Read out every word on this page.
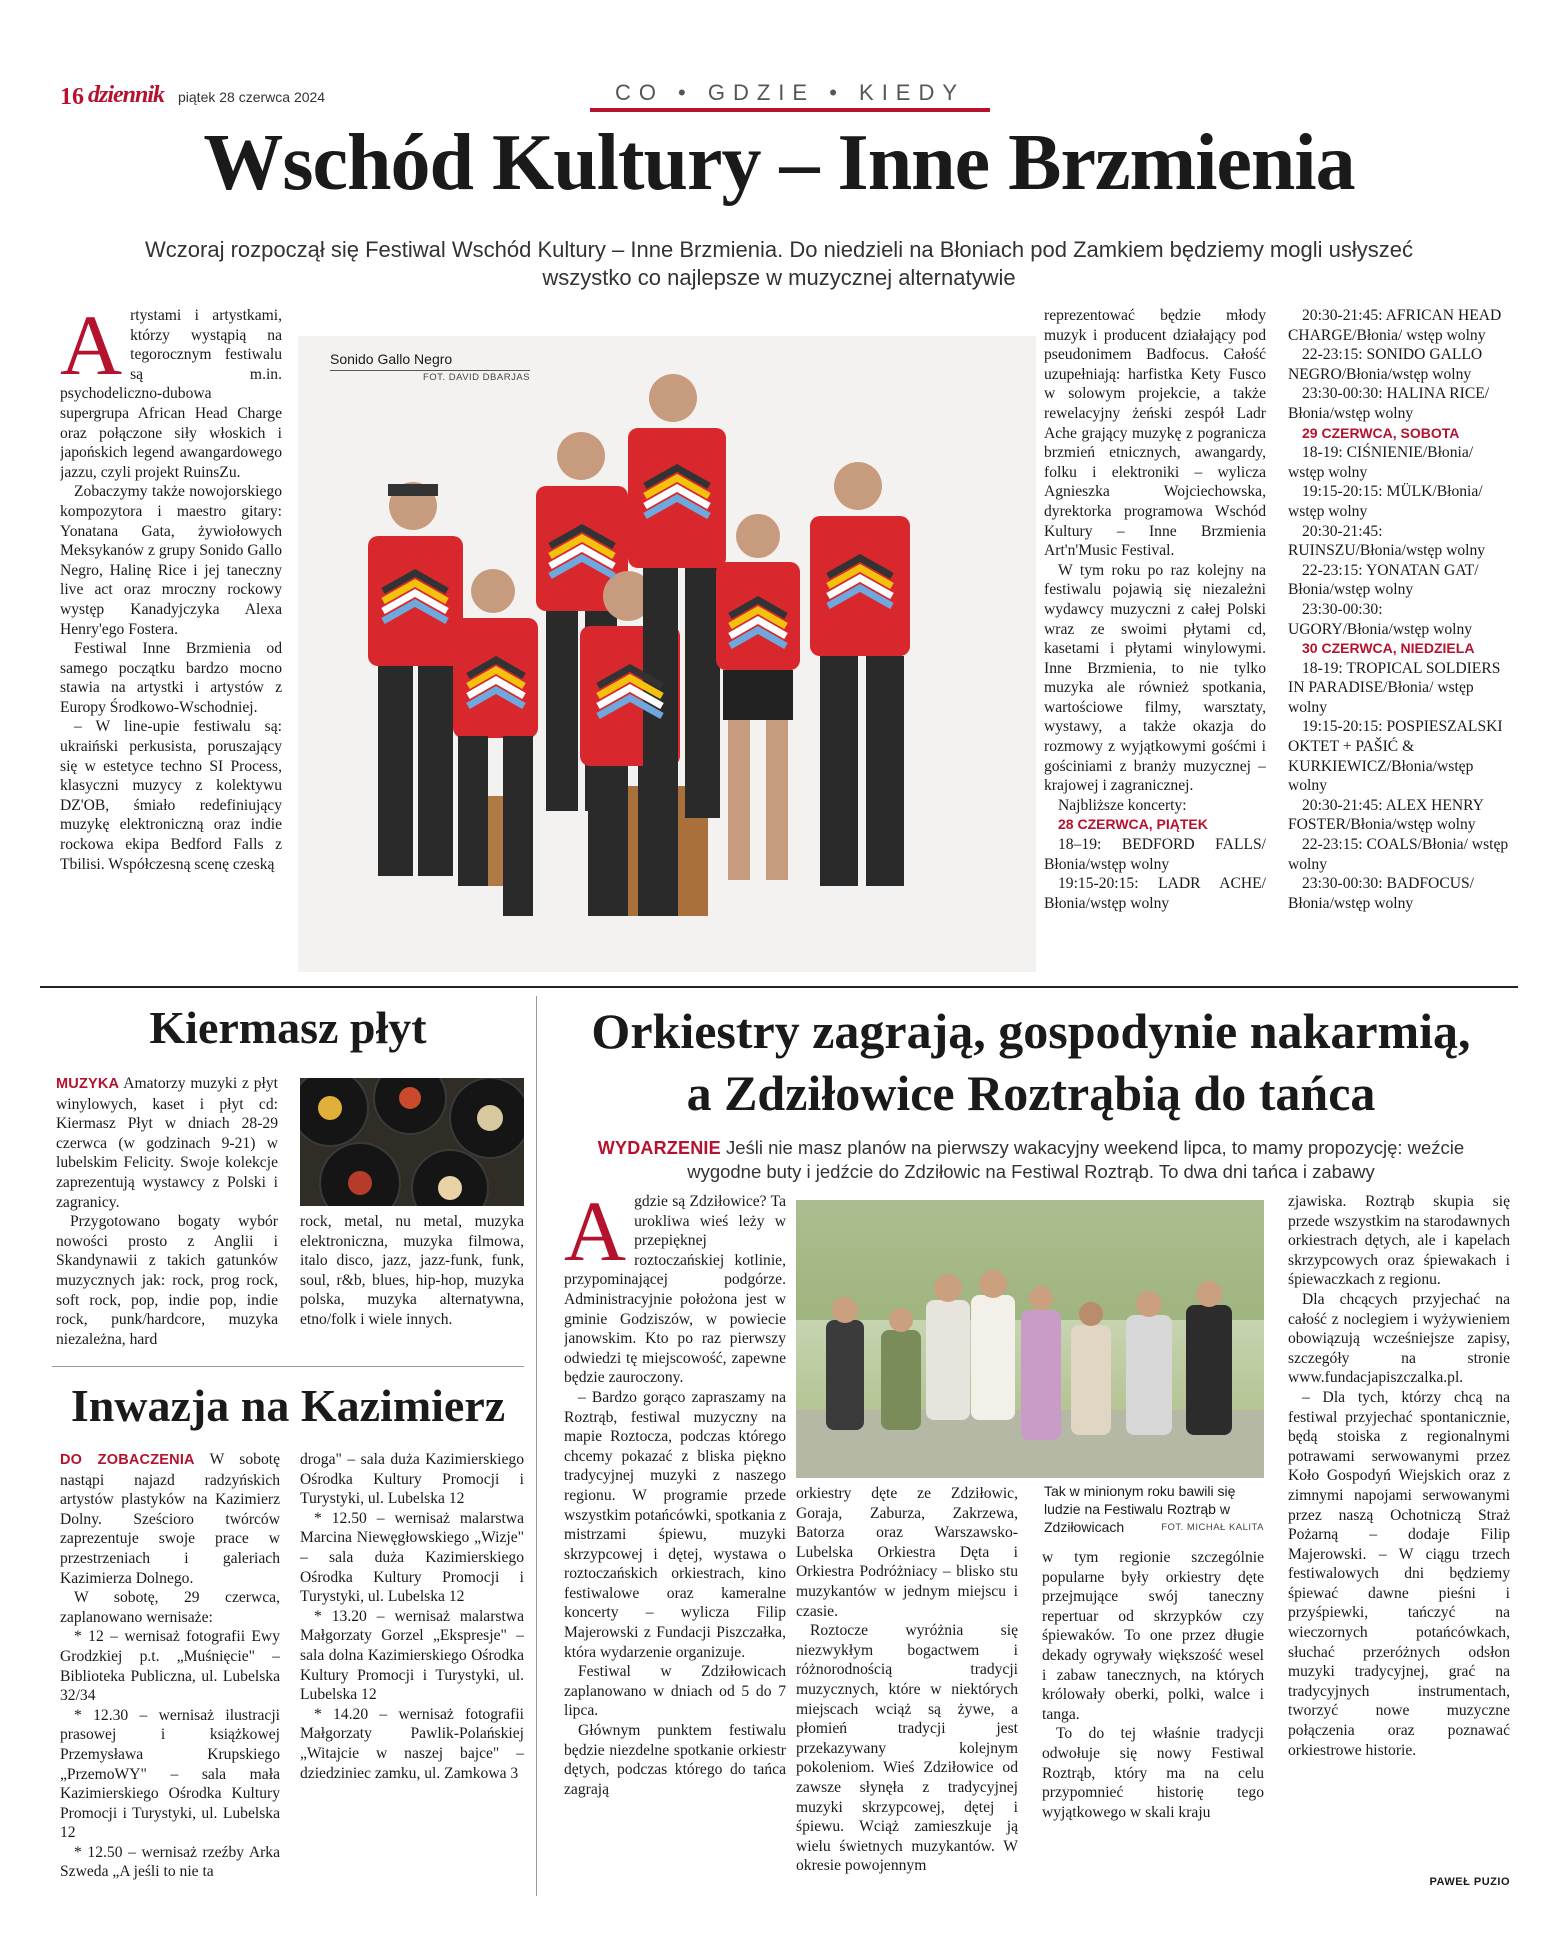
16 dziennik piątek 28 czerwca 2024	CO • GDZIE • KIEDY
Wschód Kultury – Inne Brzmienia
Wczoraj rozpoczął się Festiwal Wschód Kultury – Inne Brzmienia. Do niedzieli na Błoniach pod Zamkiem będziemy mogli usłyszeć wszystko co najlepsze w muzycznej alternatywie

Artystami i artystkami, którzy wystąpią na tegorocznym festiwalu są m.in. psychodeliczno-dubowa supergrupa African Head Charge oraz połączone siły włoskich i japońskich legend awangardowego jazzu, czyli projekt RuinsZu.

Zobaczymy także nowojorskiego kompozytora i maestro gitary: Yonatana Gata, żywiołowych Meksykanów z grupy Sonido Gallo Negro, Halinę Rice i jej taneczny live act oraz mroczny rockowy występ Kanadyjczyka Alexa Henry'ego Fostera.

Festiwal Inne Brzmienia od samego początku bardzo mocno stawia na artystki i artystów z Europy Środkowo-Wschodniej.

– W line-upie festiwalu są: ukraiński perkusista, poruszający się w estetyce techno SI Process, klasyczni muzycy z kolektywu DZ'OB, śmiało redefiniujący muzykę elektroniczną oraz indie rockowa ekipa Bedford Falls z Tbilisi. Współczesną scenę czeską

Sonido Gallo Negro
FOT. DAVID DBARJAS

reprezentować będzie młody muzyk i producent działający pod pseudonimem Badfocus. Całość uzupełniają: harfistka Kety Fusco w solowym projekcie, a także rewelacyjny żeński zespół Ladr Ache grający muzykę z pogranicza brzmień etnicznych, awangardy, folku i elektroniki – wylicza Agnieszka Wojciechowska, dyrektorka programowa Wschód Kultury – Inne Brzmienia Art'n'Music Festival.

W tym roku po raz kolejny na festiwalu pojawią się niezależni wydawcy muzyczni z całej Polski wraz ze swoimi płytami cd, kasetami i płytami winylowymi. Inne Brzmienia, to nie tylko muzyka ale również spotkania, wartościowe filmy, warsztaty, wystawy, a także okazja do rozmowy z wyjątkowymi gośćmi i gościniami z branży muzycznej – krajowej i zagranicznej.

Najbliższe koncerty:

28 CZERWCA, PIĄTEK

18–19: BEDFORD FALLS/ Błonia/wstęp wolny

19:15-20:15: LADR ACHE/ Błonia/wstęp wolny

20:30-21:45: AFRICAN HEAD CHARGE/Błonia/ wstęp wolny

22-23:15: SONIDO GALLO NEGRO/Błonia/wstęp wolny

23:30-00:30: HALINA RICE/ Błonia/wstęp wolny

29 CZERWCA, SOBOTA

18-19: CIŚNIENIE/Błonia/ wstęp wolny

19:15-20:15: MÜLK/Błonia/ wstęp wolny

20:30-21:45: RUINSZU/Błonia/wstęp wolny

22-23:15: YONATAN GAT/ Błonia/wstęp wolny

23:30-00:30: UGORY/Błonia/wstęp wolny

30 CZERWCA, NIEDZIELA

18-19: TROPICAL SOLDIERS IN PARADISE/Błonia/ wstęp wolny

19:15-20:15: POSPIESZALSKI OKTET + PAŠIĆ & KURKIEWICZ/Błonia/wstęp wolny

20:30-21:45: ALEX HENRY FOSTER/Błonia/wstęp wolny

22-23:15: COALS/Błonia/ wstęp wolny

23:30-00:30: BADFOCUS/ Błonia/wstęp wolny

Kiermasz płyt

MUZYKA Amatorzy muzyki z płyt winylowych, kaset i płyt cd: Kiermasz Płyt w dniach 28-29 czerwca (w godzinach 9-21) w lubelskim Felicity. Swoje kolekcje zaprezentują wystawcy z Polski i zagranicy.

Przygotowano bogaty wybór nowości prosto z Anglii i Skandynawii z takich gatunków muzycznych jak: rock, prog rock, soft rock, pop, indie pop, indie rock, punk/hardcore, muzyka niezależna, hard

rock, metal, nu metal, muzyka elektroniczna, muzyka filmowa, italo disco, jazz, jazz-funk, funk, soul, r&b, blues, hip-hop, muzyka polska, muzyka alternatywna, etno/folk i wiele innych.

Inwazja na Kazimierz

DO ZOBACZENIA W sobotę nastąpi najazd radzyńskich artystów plastyków na Kazimierz Dolny. Sześcioro twórców zaprezentuje swoje prace w przestrzeniach i galeriach Kazimierza Dolnego.

W sobotę, 29 czerwca, zaplanowano wernisaże:

* 12 – wernisaż fotografii Ewy Grodzkiej p.t. „Muśnięcie" – Biblioteka Publiczna, ul. Lubelska 32/34

* 12.30 – wernisaż ilustracji prasowej i książkowej Przemysława Krupskiego „PrzemoWY" – sala mała Kazimierskiego Ośrodka Kultury Promocji i Turystyki, ul. Lubelska 12

* 12.50 – wernisaż rzeźby Arka Szweda „A jeśli to nie ta

droga" – sala duża Kazimierskiego Ośrodka Kultury Promocji i Turystyki, ul. Lubelska 12

* 12.50 – wernisaż malarstwa Marcina Niewęgłowskiego „Wizje" – sala duża Kazimierskiego Ośrodka Kultury Promocji i Turystyki, ul. Lubelska 12

* 13.20 – wernisaż malarstwa Małgorzaty Gorzel „Ekspresje" – sala dolna Kazimierskiego Ośrodka Kultury Promocji i Turystyki, ul. Lubelska 12

* 14.20 – wernisaż fotografii Małgorzaty Pawlik-Polańskiej „Witajcie w naszej bajce" – dziedziniec zamku, ul. Zamkowa 3

Orkiestry zagrają, gospodynie nakarmią,
a Zdziłowice Roztrąbią do tańca
WYDARZENIE Jeśli nie masz planów na pierwszy wakacyjny weekend lipca, to mamy propozycję: weźcie wygodne buty i jedźcie do Zdziłowic na Festiwal Roztrąb. To dwa dni tańca i zabawy

Agdzie są Zdziłowice? Ta urokliwa wieś leży w przepięknej roztoczańskiej kotlinie, przypominającej podgórze. Administracyjnie położona jest w gminie Godziszów, w powiecie janowskim. Kto po raz pierwszy odwiedzi tę miejscowość, zapewne będzie zauroczony.

– Bardzo gorąco zapraszamy na Roztrąb, festiwal muzyczny na mapie Roztocza, podczas którego chcemy pokazać z bliska piękno tradycyjnej muzyki z naszego regionu. W programie przede wszystkim potańcówki, spotkania z mistrzami śpiewu, muzyki skrzypcowej i dętej, wystawa o roztoczańskich orkiestrach, kino festiwalowe oraz kameralne koncerty – wylicza Filip Majerowski z Fundacji Piszczałka, która wydarzenie organizuje.

Festiwal w Zdziłowicach zaplanowano w dniach od 5 do 7 lipca.

Głównym punktem festiwalu będzie niezdelne spotkanie orkiestr dętych, podczas którego do tańca zagrają

Tak w minionym roku bawili się ludzie na Festiwalu Roztrąb w Zdziłowicach	FOT. MICHAŁ KALITA

orkiestry dęte ze Zdziłowic, Goraja, Zaburza, Zakrzewa, Batorza oraz Warszawsko-Lubelska Orkiestra Dęta i Orkiestra Podróżniacy – blisko stu muzykantów w jednym miejscu i czasie.

Roztocze wyróżnia się niezwykłym bogactwem i różnorodnością tradycji muzycznych, które w niektórych miejscach wciąż są żywe, a płomień tradycji jest przekazywany kolejnym pokoleniom. Wieś Zdziłowice od zawsze słynęła z tradycyjnej muzyki skrzypcowej, dętej i śpiewu. Wciąż zamieszkuje ją wielu świetnych muzykantów. W okresie powojennym

w tym regionie szczególnie popularne były orkiestry dęte przejmujące swój taneczny repertuar od skrzypków czy śpiewaków. To one przez długie dekady ogrywały większość wesel i zabaw tanecznych, na których królowały oberki, polki, walce i tanga.

To do tej właśnie tradycji odwołuje się nowy Festiwal Roztrąb, który ma na celu przypomnieć historię tego wyjątkowego w skali kraju

zjawiska. Roztrąb skupia się przede wszystkim na starodawnych orkiestrach dętych, ale i kapelach skrzypcowych oraz śpiewakach i śpiewaczkach z regionu.

Dla chcących przyjechać na całość z noclegiem i wyżywieniem obowiązują wcześniejsze zapisy, szczegóły na stronie www.fundacjapiszczalka.pl.

– Dla tych, którzy chcą na festiwal przyjechać spontanicznie, będą stoiska z regionalnymi potrawami serwowanymi przez Koło Gospodyń Wiejskich oraz z zimnymi napojami serwowanymi przez naszą Ochotniczą Straż Pożarną – dodaje Filip Majerowski. – W ciągu trzech festiwalowych dni będziemy śpiewać dawne pieśni i przyśpiewki, tańczyć na wieczornych potańcówkach, słuchać przeróżnych odsłon muzyki tradycyjnej, grać na tradycyjnych instrumentach, tworzyć nowe muzyczne połączenia oraz poznawać orkiestrowe historie.

PAWEŁ PUZIO
